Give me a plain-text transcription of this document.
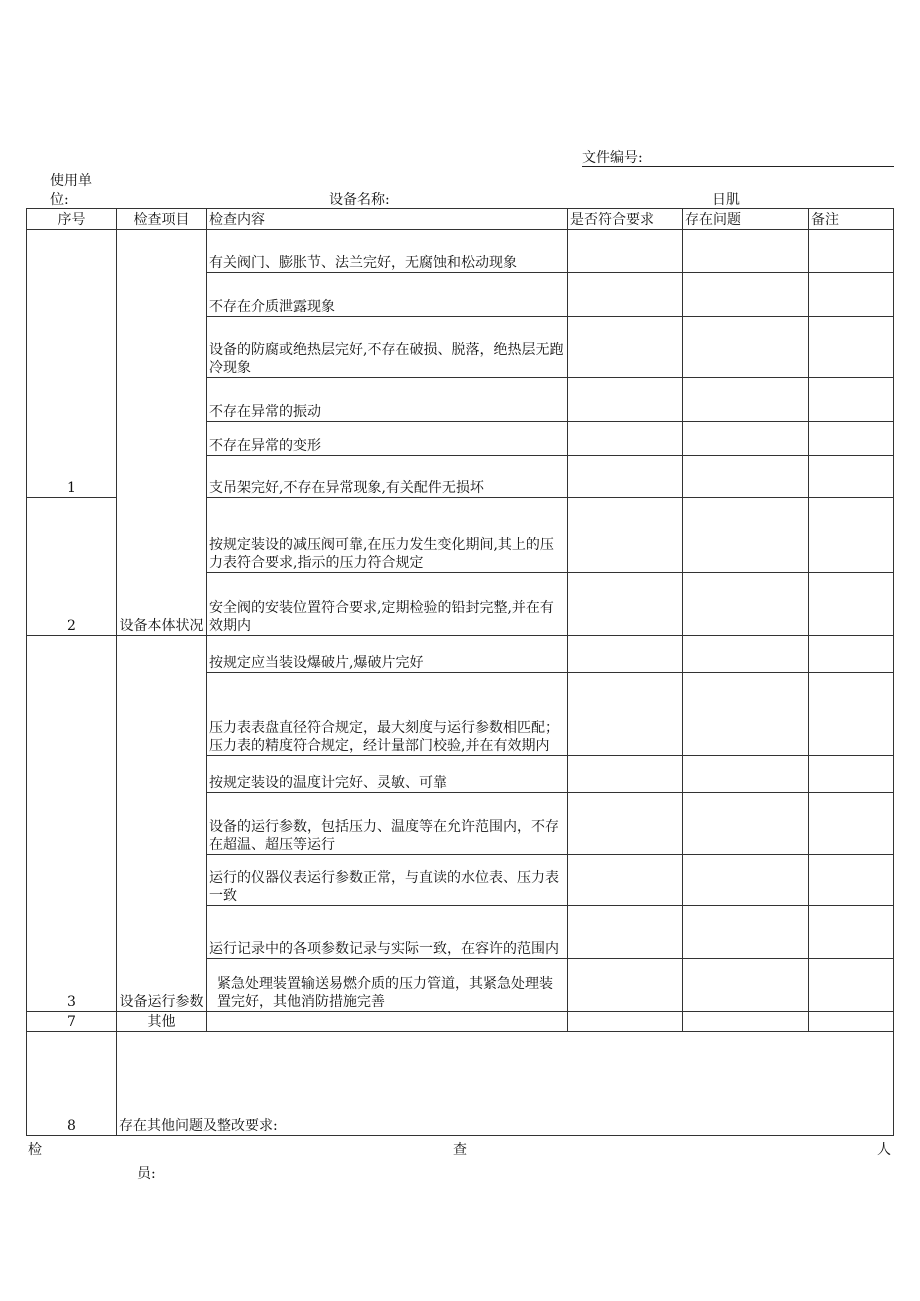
文件编号:
使用单
位:	设备名称:	日肌
序号	检查项目	检查内容	是否符合要求	存在问题	备注
1	设备本体状况	有关阀门、膨胀节、法兰完好，无腐蚀和松动现象			
		不存在介质泄露现象			
		设备的防腐或绝热层完好,不存在破损、脱落，绝热层无跑冷现象			
		不存在异常的振动			
		不存在异常的变形			
		支吊架完好,不存在异常现象,有关配件无损坏			
2		按规定装设的减压阀可靠,在压力发生变化期间,其上的压力表符合要求,指示的压力符合规定			
		安全阀的安装位置符合要求,定期检验的铅封完整,并在有效期内			
3	设备运行参数	按规定应当装设爆破片,爆破片完好			
		压力表表盘直径符合规定，最大刻度与运行参数相匹配；压力表的精度符合规定，经计量部门校验,并在有效期内			
		按规定装设的温度计完好、灵敏、可靠			
		设备的运行参数，包括压力、温度等在允许范围内，不存在超温、超压等运行			
		运行的仪器仪表运行参数正常，与直读的水位表、压力表一致			
		运行记录中的各项参数记录与实际一致，在容许的范围内			
		紧急处理装置输送易燃介质的压力管道，其紧急处理装置完好，其他消防措施完善			
7	其他				
8	存在其他问题及整改要求:				
检	查	人
员:
